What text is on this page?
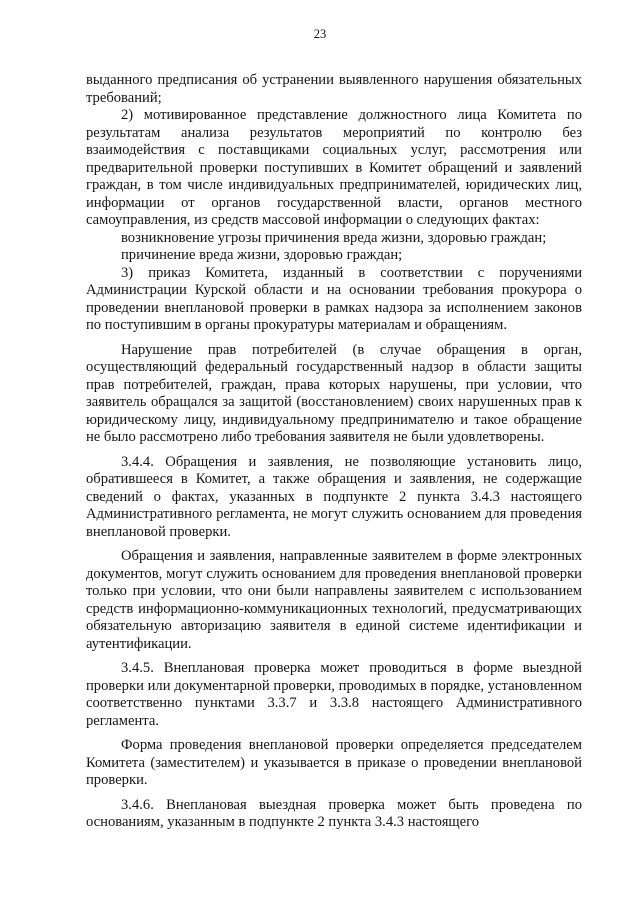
23

выданного предписания об устранении выявленного нарушения обязательных требований;

2) мотивированное представление должностного лица Комитета по результатам анализа результатов мероприятий по контролю без взаимодействия с поставщиками социальных услуг, рассмотрения или предварительной проверки поступивших в Комитет обращений и заявлений граждан, в том числе индивидуальных предпринимателей, юридических лиц, информации от органов государственной власти, органов местного самоуправления, из средств массовой информации о следующих фактах:

возникновение угрозы причинения вреда жизни, здоровью граждан;

причинение вреда жизни, здоровью граждан;

3) приказ Комитета, изданный в соответствии с поручениями Администрации Курской области и на основании требования прокурора о проведении внеплановой проверки в рамках надзора за исполнением законов по поступившим в органы прокуратуры материалам и обращениям.

Нарушение прав потребителей (в случае обращения в орган, осуществляющий федеральный государственный надзор в области защиты прав потребителей, граждан, права которых нарушены, при условии, что заявитель обращался за защитой (восстановлением) своих нарушенных прав к юридическому лицу, индивидуальному предпринимателю и такое обращение не было рассмотрено либо требования заявителя не были удовлетворены.

3.4.4. Обращения и заявления, не позволяющие установить лицо, обратившееся в Комитет, а также обращения и заявления, не содержащие сведений о фактах, указанных в подпункте 2 пункта 3.4.3 настоящего Административного регламента, не могут служить основанием для проведения внеплановой проверки.

Обращения и заявления, направленные заявителем в форме электронных документов, могут служить основанием для проведения внеплановой проверки только при условии, что они были направлены заявителем с использованием средств информационно-коммуникационных технологий, предусматривающих обязательную авторизацию заявителя в единой системе идентификации и аутентификации.

3.4.5. Внеплановая проверка может проводиться в форме выездной проверки или документарной проверки, проводимых в порядке, установленном соответственно пунктами 3.3.7 и 3.3.8 настоящего Административного регламента.

Форма проведения внеплановой проверки определяется председателем Комитета (заместителем) и указывается в приказе о проведении внеплановой проверки.

3.4.6. Внеплановая выездная проверка может быть проведена по основаниям, указанным в подпункте 2 пункта 3.4.3 настоящего
